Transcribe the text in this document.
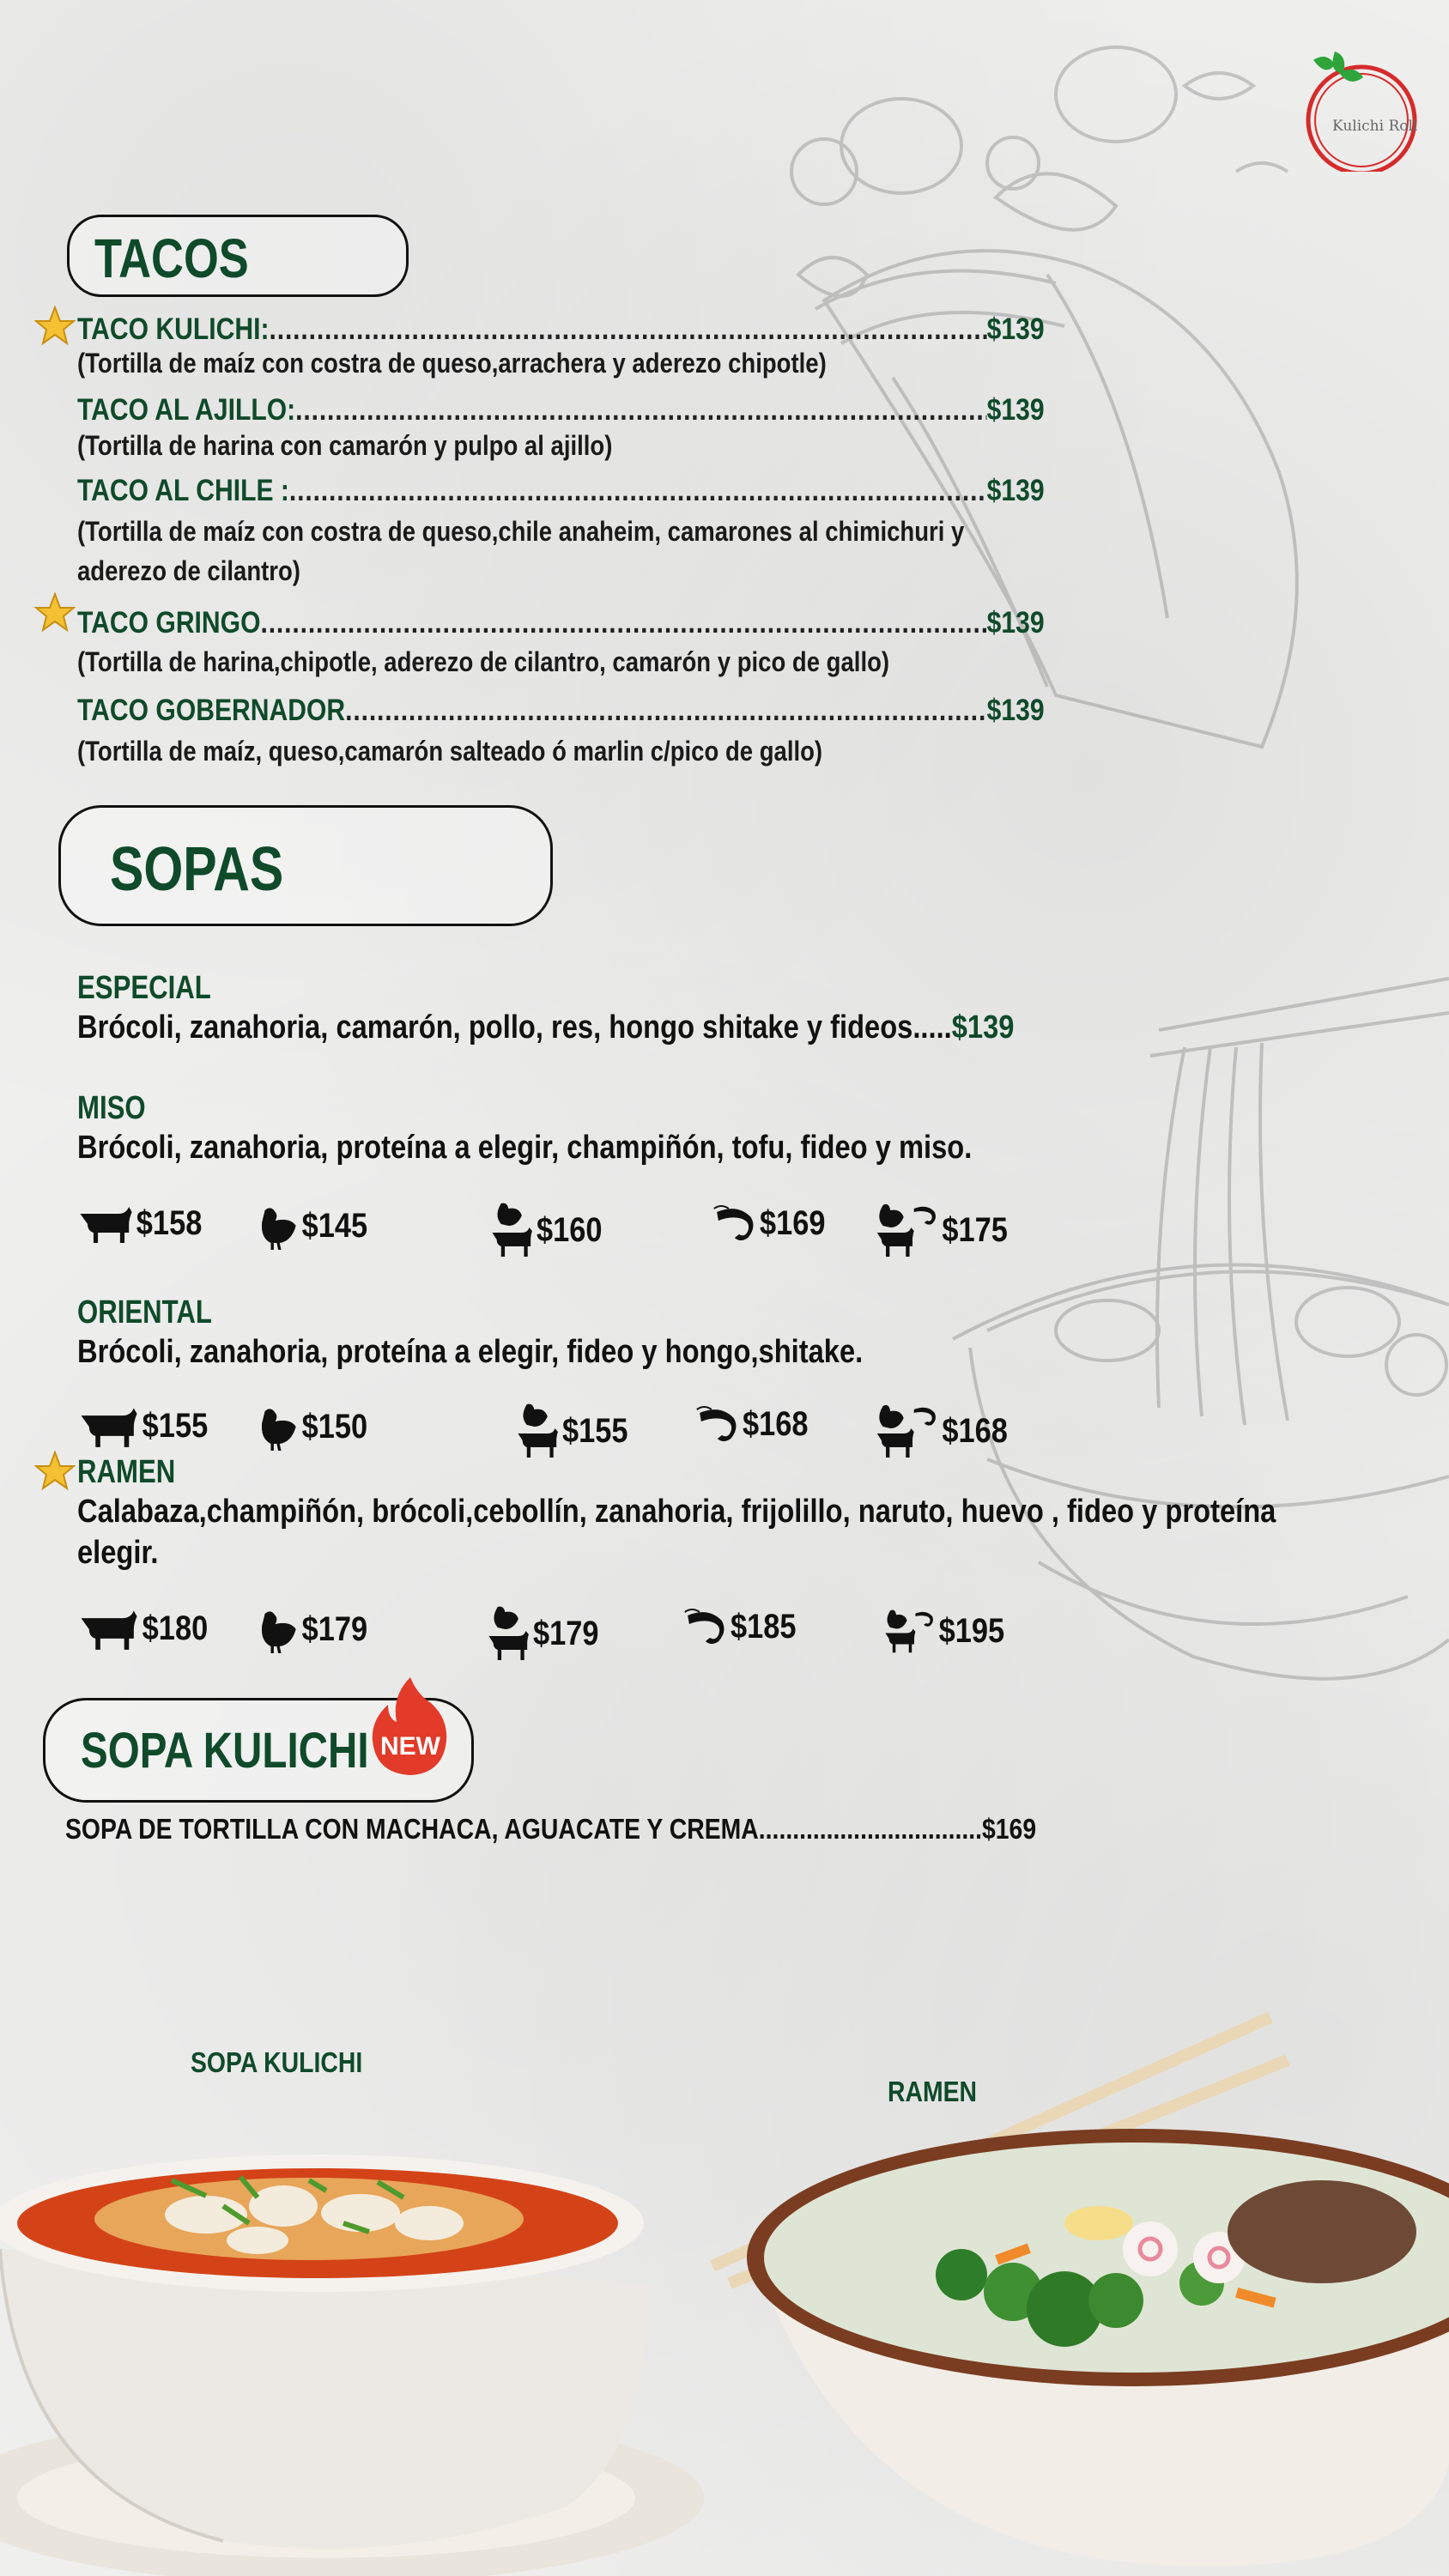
Kulichi Roll
TACOS
TACO KULICHI: .....	$139
(Tortilla de maíz con costra de queso,arrachera y aderezo chipotle)
TACO AL AJILLO: .....	$139
(Tortilla de harina con camarón y pulpo al ajillo)
TACO AL CHILE : .....	$139
(Tortilla de maíz con costra de queso,chile anaheim, camarones al chimichuri y
aderezo de cilantro)
TACO GRINGO .....	$139
(Tortilla de harina,chipotle, aderezo de cilantro, camarón y pico de gallo)
TACO GOBERNADOR .....	$139
(Tortilla de maíz, queso,camarón salteado ó marlin c/pico de gallo)
SOPAS
ESPECIAL
Brócoli, zanahoria, camarón, pollo, res, hongo shitake y fideos.....$139
MISO
Brócoli, zanahoria, proteína a elegir, champiñón, tofu, fideo y miso.
$158	$145	$160	$169	$175
ORIENTAL
Brócoli, zanahoria, proteína a elegir, fideo y hongo,shitake.
$155	$150	$155	$168	$168
RAMEN
Calabaza,champiñón, brócoli,cebollín, zanahoria, frijolillo, naruto, huevo , fideo y proteína
elegir.
$180	$179	$179	$185	$195
SOPA KULICHI NEW
SOPA DE TORTILLA CON MACHACA, AGUACATE Y CREMA.................................$169
SOPA KULICHI
RAMEN
